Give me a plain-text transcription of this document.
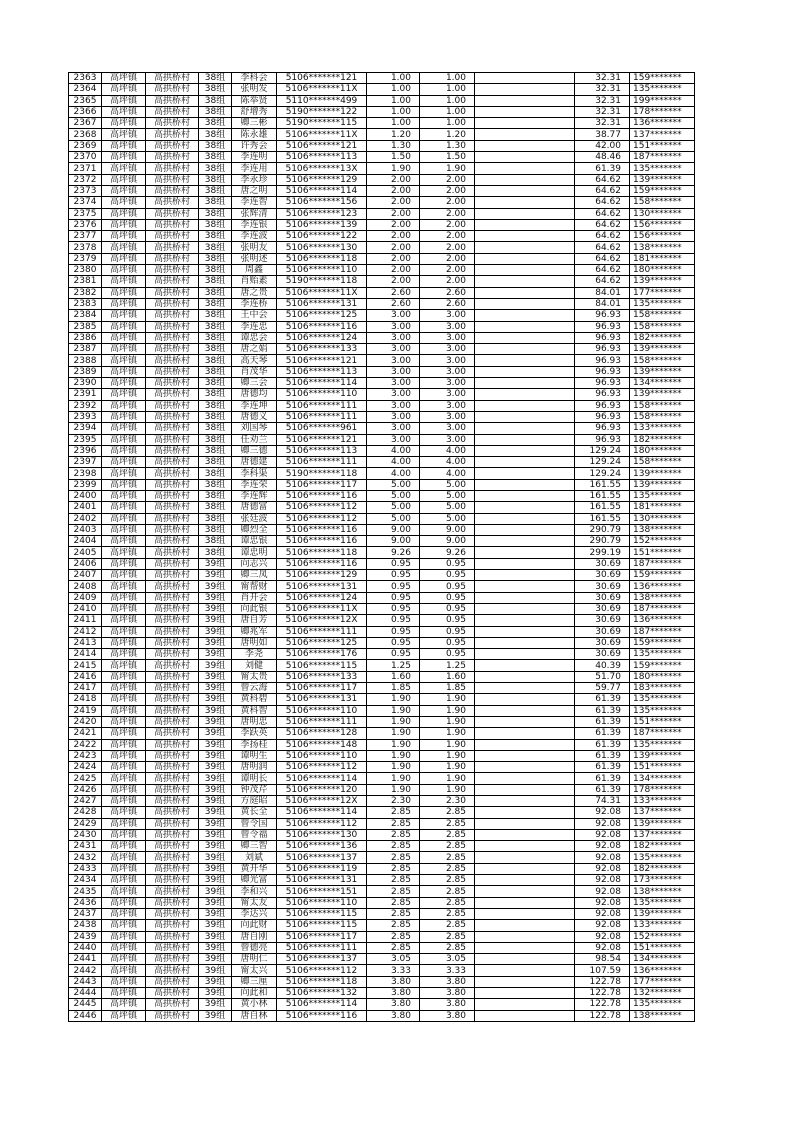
2363	高坪镇	高拱桥村	38组	李科会	5106*******121	1.00	1.00		32.31	159*******
2364	高坪镇	高拱桥村	38组	张明发	5106*******11X	1.00	1.00		32.31	135*******
2365	高坪镇	高拱桥村	38组	陈举贤	5110*******499	1.00	1.00		32.31	199*******
2366	高坪镇	高拱桥村	38组	舒增秀	5190*******122	1.00	1.00		32.31	178*******
2367	高坪镇	高拱桥村	38组	卿三彬	5190*******115	1.00	1.00		32.31	136*******
2368	高坪镇	高拱桥村	38组	陈永雄	5106*******11X	1.20	1.20		38.77	137*******
2369	高坪镇	高拱桥村	38组	许秀会	5106*******121	1.30	1.30		42.00	151*******
2370	高坪镇	高拱桥村	38组	李连明	5106*******113	1.50	1.50		48.46	187*******
2371	高坪镇	高拱桥村	38组	李连用	5106*******13X	1.90	1.90		61.39	135*******
2372	高坪镇	高拱桥村	38组	李永珍	5106*******129	2.00	2.00		64.62	139*******
2373	高坪镇	高拱桥村	38组	唐之明	5106*******114	2.00	2.00		64.62	159*******
2374	高坪镇	高拱桥村	38组	李连智	5106*******156	2.00	2.00		64.62	158*******
2375	高坪镇	高拱桥村	38组	张辉清	5106*******123	2.00	2.00		64.62	130*******
2376	高坪镇	高拱桥村	38组	李连银	5106*******139	2.00	2.00		64.62	156*******
2377	高坪镇	高拱桥村	38组	李连波	5106*******122	2.00	2.00		64.62	156*******
2378	高坪镇	高拱桥村	38组	张明友	5106*******130	2.00	2.00		64.62	138*******
2379	高坪镇	高拱桥村	38组	张明述	5106*******118	2.00	2.00		64.62	181*******
2380	高坪镇	高拱桥村	38组	周鑫	5106*******110	2.00	2.00		64.62	180*******
2381	高坪镇	高拱桥村	38组	肖贻素	5190*******118	2.00	2.00		64.62	139*******
2382	高坪镇	高拱桥村	38组	唐之贵	5106*******11X	2.60	2.60		84.01	177*******
2383	高坪镇	高拱桥村	38组	李连桥	5106*******131	2.60	2.60		84.01	135*******
2384	高坪镇	高拱桥村	38组	王中会	5106*******125	3.00	3.00		96.93	158*******
2385	高坪镇	高拱桥村	38组	李连忠	5106*******116	3.00	3.00		96.93	158*******
2386	高坪镇	高拱桥村	38组	谭忠会	5106*******124	3.00	3.00		96.93	182*******
2387	高坪镇	高拱桥村	38组	唐之娟	5106*******133	3.00	3.00		96.93	139*******
2388	高坪镇	高拱桥村	38组	高天琴	5106*******121	3.00	3.00		96.93	158*******
2389	高坪镇	高拱桥村	38组	肖茂华	5106*******113	3.00	3.00		96.93	139*******
2390	高坪镇	高拱桥村	38组	卿三会	5106*******114	3.00	3.00		96.93	134*******
2391	高坪镇	高拱桥村	38组	唐德均	5106*******110	3.00	3.00		96.93	139*******
2392	高坪镇	高拱桥村	38组	李连坤	5106*******111	3.00	3.00		96.93	158*******
2393	高坪镇	高拱桥村	38组	唐德义	5106*******111	3.00	3.00		96.93	158*******
2394	高坪镇	高拱桥村	38组	刘国琴	5106*******961	3.00	3.00		96.93	133*******
2395	高坪镇	高拱桥村	38组	任劝兰	5106*******121	3.00	3.00		96.93	182*******
2396	高坪镇	高拱桥村	38组	卿三德	5106*******113	4.00	4.00		129.24	180*******
2397	高坪镇	高拱桥村	38组	唐德建	5106*******111	4.00	4.00		129.24	158*******
2398	高坪镇	高拱桥村	38组	李科渠	5190*******118	4.00	4.00		129.24	139*******
2399	高坪镇	高拱桥村	38组	李连荣	5106*******117	5.00	5.00		161.55	139*******
2400	高坪镇	高拱桥村	38组	李连辉	5106*******116	5.00	5.00		161.55	135*******
2401	高坪镇	高拱桥村	38组	唐德富	5106*******112	5.00	5.00		161.55	181*******
2402	高坪镇	高拱桥村	38组	张廷波	5106*******112	5.00	5.00		161.55	130*******
2403	高坪镇	高拱桥村	38组	卿烈全	5106*******116	9.00	9.00		290.79	138*******
2404	高坪镇	高拱桥村	38组	谭忠银	5106*******116	9.00	9.00		290.79	152*******
2405	高坪镇	高拱桥村	38组	谭忠明	5106*******118	9.26	9.26		299.19	151*******
2406	高坪镇	高拱桥村	39组	向志兴	5106*******116	0.95	0.95		30.69	187*******
2407	高坪镇	高拱桥村	39组	卿三凤	5106*******129	0.95	0.95		30.69	159*******
2408	高坪镇	高拱桥村	39组	甯帮财	5106*******131	0.95	0.95		30.69	136*******
2409	高坪镇	高拱桥村	39组	肖开会	5106*******124	0.95	0.95		30.69	138*******
2410	高坪镇	高拱桥村	39组	向此银	5106*******11X	0.95	0.95		30.69	187*******
2411	高坪镇	高拱桥村	39组	唐自芳	5106*******12X	0.95	0.95		30.69	136*******
2412	高坪镇	高拱桥村	39组	卿兆军	5106*******111	0.95	0.95		30.69	187*******
2413	高坪镇	高拱桥村	39组	唐明如	5106*******125	0.95	0.95		30.69	159*******
2414	高坪镇	高拱桥村	39组	李尧	5106*******176	0.95	0.95		30.69	135*******
2415	高坪镇	高拱桥村	39组	刘健	5106*******115	1.25	1.25		40.39	159*******
2416	高坪镇	高拱桥村	39组	甯太贵	5106*******133	1.60	1.60		51.70	180*******
2417	高坪镇	高拱桥村	39组	曾云海	5106*******117	1.85	1.85		59.77	183*******
2418	高坪镇	高拱桥村	39组	黄科碧	5106*******131	1.90	1.90		61.39	135*******
2419	高坪镇	高拱桥村	39组	黄科智	5106*******110	1.90	1.90		61.39	135*******
2420	高坪镇	高拱桥村	39组	唐明忠	5106*******111	1.90	1.90		61.39	151*******
2421	高坪镇	高拱桥村	39组	李跃英	5106*******128	1.90	1.90		61.39	187*******
2422	高坪镇	高拱桥村	39组	李扬桂	5106*******148	1.90	1.90		61.39	135*******
2423	高坪镇	高拱桥村	39组	谭明生	5106*******110	1.90	1.90		61.39	139*******
2424	高坪镇	高拱桥村	39组	唐明润	5106*******112	1.90	1.90		61.39	151*******
2425	高坪镇	高拱桥村	39组	谭明长	5106*******114	1.90	1.90		61.39	134*******
2426	高坪镇	高拱桥村	39组	钟茂芹	5106*******120	1.90	1.90		61.39	178*******
2427	高坪镇	高拱桥村	39组	方庭昭	5106*******12X	2.30	2.30		74.31	133*******
2428	高坪镇	高拱桥村	39组	黄长全	5106*******114	2.85	2.85		92.08	137*******
2429	高坪镇	高拱桥村	39组	曾令国	5106*******112	2.85	2.85		92.08	139*******
2430	高坪镇	高拱桥村	39组	曾令福	5106*******130	2.85	2.85		92.08	137*******
2431	高坪镇	高拱桥村	39组	卿三智	5106*******136	2.85	2.85		92.08	182*******
2432	高坪镇	高拱桥村	39组	刘斌	5106*******137	2.85	2.85		92.08	135*******
2433	高坪镇	高拱桥村	39组	黄开华	5106*******119	2.85	2.85		92.08	182*******
2434	高坪镇	高拱桥村	39组	卿光富	5106*******131	2.85	2.85		92.08	173*******
2435	高坪镇	高拱桥村	39组	李和兴	5106*******151	2.85	2.85		92.08	138*******
2436	高坪镇	高拱桥村	39组	甯太友	5106*******110	2.85	2.85		92.08	135*******
2437	高坪镇	高拱桥村	39组	李达兴	5106*******115	2.85	2.85		92.08	139*******
2438	高坪镇	高拱桥村	39组	向此财	5106*******115	2.85	2.85		92.08	133*******
2439	高坪镇	高拱桥村	39组	唐自刚	5106*******117	2.85	2.85		92.08	152*******
2440	高坪镇	高拱桥村	39组	曾德亮	5106*******111	2.85	2.85		92.08	151*******
2441	高坪镇	高拱桥村	39组	唐明仁	5106*******137	3.05	3.05		98.54	134*******
2442	高坪镇	高拱桥村	39组	甯太兴	5106*******112	3.33	3.33		107.59	136*******
2443	高坪镇	高拱桥村	39组	卿三厘	5106*******118	3.80	3.80		122.78	177*******
2444	高坪镇	高拱桥村	39组	向此和	5106*******132	3.80	3.80		122.78	132*******
2445	高坪镇	高拱桥村	39组	黄小林	5106*******114	3.80	3.80		122.78	135*******
2446	高坪镇	高拱桥村	39组	唐自林	5106*******116	3.80	3.80		122.78	138*******
